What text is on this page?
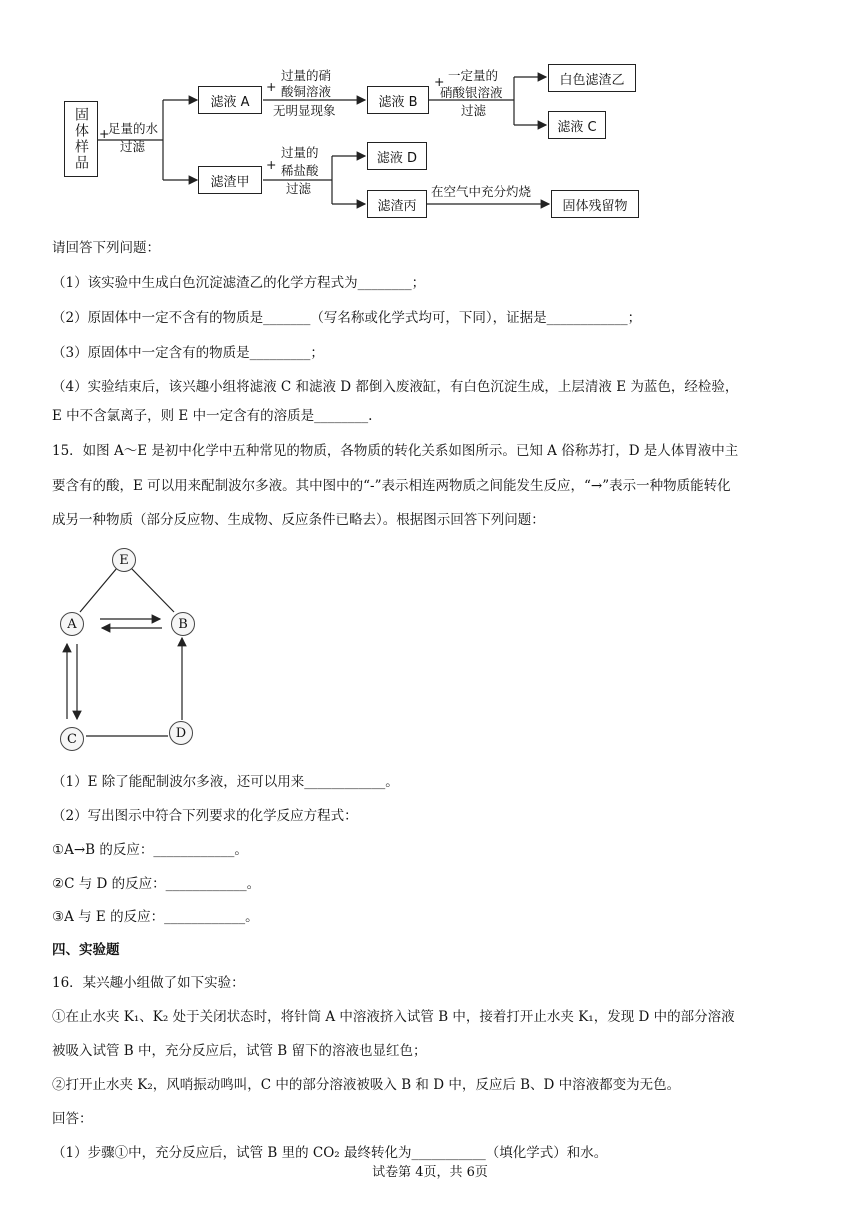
固体样品 +
足量的水
过滤
滤液 A
滤渣甲
+
过量的硝
酸铜溶液
无明显现象
滤液 B
+ 一定量的
硝酸银溶液
过滤
白色滤渣乙
滤液 C
+
过量的
稀盐酸
过滤
滤液 D
滤渣丙
在空气中充分灼烧
固体残留物
请回答下列问题：
（1）该实验中生成白色沉淀滤渣乙的化学方程式为________；
（2）原固体中一定不含有的物质是_______（写名称或化学式均可，下同），证据是____________；
（3）原固体中一定含有的物质是_________；
（4）实验结束后，该兴趣小组将滤液 C 和滤液 D 都倒入废液缸，有白色沉淀生成，上层清液 E 为蓝色，经检验，
E 中不含氯离子，则 E 中一定含有的溶质是________.
15．如图 A～E 是初中化学中五种常见的物质，各物质的转化关系如图所示。已知 A 俗称苏打，D 是人体胃液中主
要含有的酸，E 可以用来配制波尔多液。其中图中的“-”表示相连两物质之间能发生反应，“→”表示一种物质能转化
成另一种物质（部分反应物、生成物、反应条件已略去）。根据图示回答下列问题：
E
A	B
C	D
（1）E 除了能配制波尔多液，还可以用来____________。
（2）写出图示中符合下列要求的化学反应方程式：
①A→B 的反应：____________。
②C 与 D 的反应：____________。
③A 与 E 的反应：____________。
四、实验题
16．某兴趣小组做了如下实验：
①在止水夹 K₁、K₂ 处于关闭状态时，将针筒 A 中溶液挤入试管 B 中，接着打开止水夹 K₁，发现 D 中的部分溶液
被吸入试管 B 中，充分反应后，试管 B 留下的溶液也显红色；
②打开止水夹 K₂，风哨振动鸣叫，C 中的部分溶液被吸入 B 和 D 中，反应后 B、D 中溶液都变为无色。
回答：
（1）步骤①中，充分反应后，试管 B 里的 CO₂ 最终转化为___________（填化学式）和水。
试卷第 4页，共 6页
